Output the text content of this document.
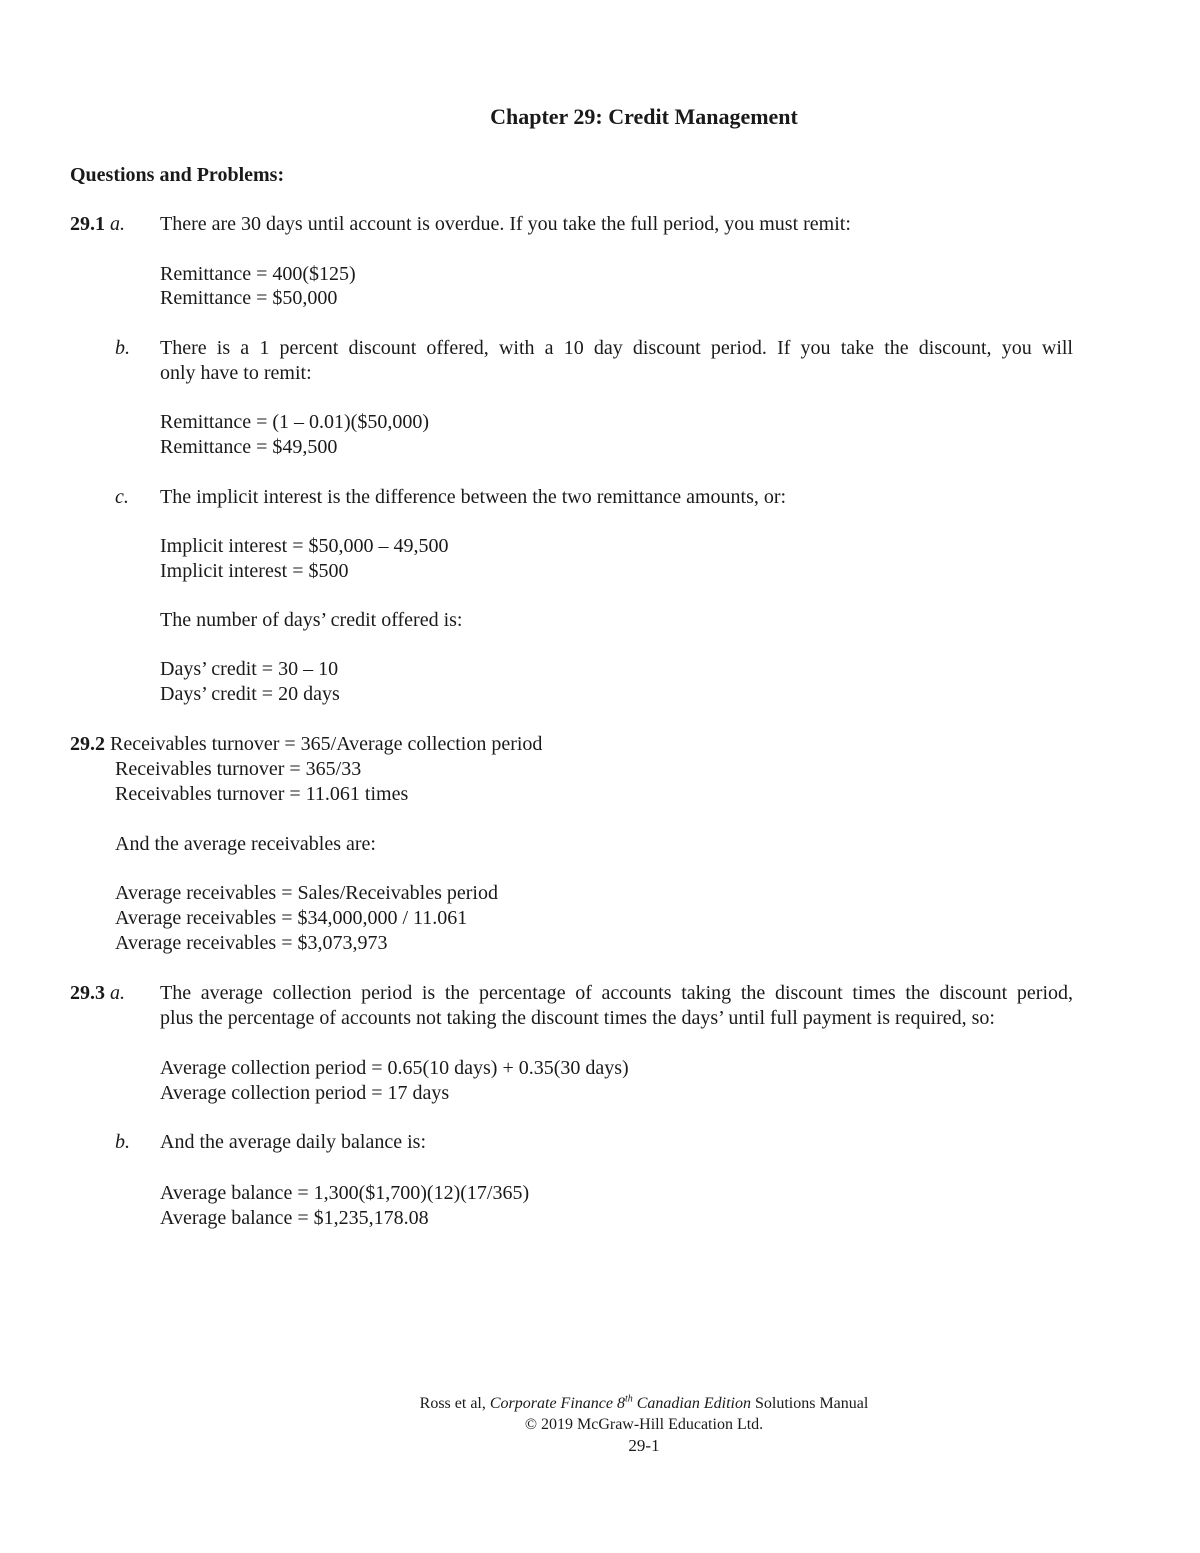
Chapter 29: Credit Management
Questions and Problems:
29.1 a. There are 30 days until account is overdue. If you take the full period, you must remit:
Remittance = 400($125)
Remittance = $50,000
b. There is a 1 percent discount offered, with a 10 day discount period. If you take the discount, you will
only have to remit:
Remittance = (1 – 0.01)($50,000)
Remittance = $49,500
c. The implicit interest is the difference between the two remittance amounts, or:
Implicit interest = $50,000 – 49,500
Implicit interest = $500
The number of days’ credit offered is:
Days’ credit = 30 – 10
Days’ credit = 20 days
29.2 Receivables turnover = 365/Average collection period
Receivables turnover = 365/33
Receivables turnover = 11.061 times
And the average receivables are:
Average receivables = Sales/Receivables period
Average receivables = $34,000,000 / 11.061
Average receivables = $3,073,973
29.3 a. The average collection period is the percentage of accounts taking the discount times the discount period,
plus the percentage of accounts not taking the discount times the days’ until full payment is required, so:
Average collection period = 0.65(10 days) + 0.35(30 days)
Average collection period = 17 days
b. And the average daily balance is:
Average balance = 1,300($1,700)(12)(17/365)
Average balance = $1,235,178.08
Ross et al, Corporate Finance 8th Canadian Edition Solutions Manual
© 2019 McGraw-Hill Education Ltd.
29-1
